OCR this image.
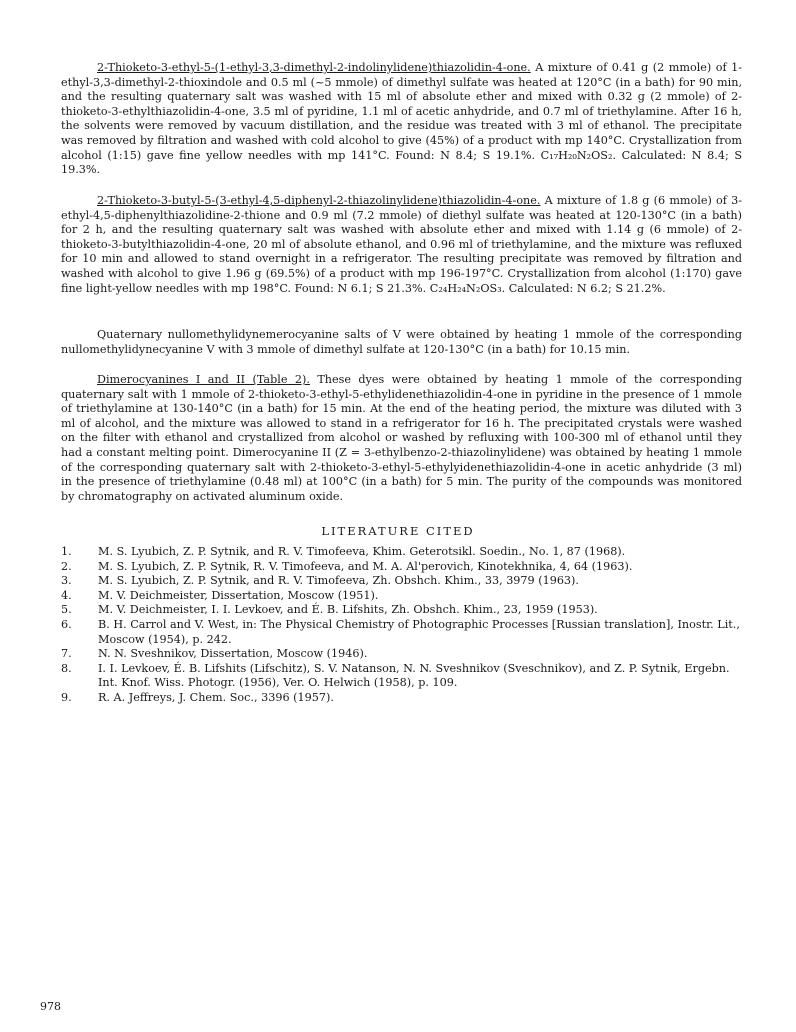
2-Thioketo-3-ethyl-5-(1-ethyl-3,3-dimethyl-2-indolinylidene)thiazolidin-4-one. A mixture of 0.41 g (2 mmole) of 1-ethyl-3,3-dimethyl-2-thioxindole and 0.5 ml (~5 mmole) of dimethyl sulfate was heated at 120°C (in a bath) for 90 min, and the resulting quaternary salt was washed with 15 ml of absolute ether and mixed with 0.32 g (2 mmole) of 2-thioketo-3-ethylthiazolidin-4-one, 3.5 ml of pyridine, 1.1 ml of acetic anhydride, and 0.7 ml of triethylamine. After 16 h, the solvents were removed by vacuum distillation, and the residue was treated with 3 ml of ethanol. The precipitate was removed by filtration and washed with cold alcohol to give (45%) of a product with mp 140°C. Crystallization from alcohol (1:15) gave fine yellow needles with mp 141°C. Found: N 8.4; S 19.1%. C₁₇H₂₀N₂OS₂. Calculated: N 8.4; S 19.3%.

2-Thioketo-3-butyl-5-(3-ethyl-4,5-diphenyl-2-thiazolinylidene)thiazolidin-4-one. A mixture of 1.8 g (6 mmole) of 3-ethyl-4,5-diphenylthiazolidine-2-thione and 0.9 ml (7.2 mmole) of diethyl sulfate was heated at 120-130°C (in a bath) for 2 h, and the resulting quaternary salt was washed with absolute ether and mixed with 1.14 g (6 mmole) of 2-thioketo-3-butylthiazolidin-4-one, 20 ml of absolute ethanol, and 0.96 ml of triethylamine, and the mixture was refluxed for 10 min and allowed to stand overnight in a refrigerator. The resulting precipitate was removed by filtration and washed with alcohol to give 1.96 g (69.5%) of a product with mp 196-197°C. Crystallization from alcohol (1:170) gave fine light-yellow needles with mp 198°C. Found: N 6.1; S 21.3%. C₂₄H₂₄N₂OS₃. Calculated: N 6.2; S 21.2%.

Quaternary nullomethylidynemerocyanine salts of V were obtained by heating 1 mmole of the corresponding nullomethylidynecyanine V with 3 mmole of dimethyl sulfate at 120-130°C (in a bath) for 10.15 min.

Dimerocyanines I and II (Table 2). These dyes were obtained by heating 1 mmole of the corresponding quaternary salt with 1 mmole of 2-thioketo-3-ethyl-5-ethylidenethiazolidin-4-one in pyridine in the presence of 1 mmole of triethylamine at 130-140°C (in a bath) for 15 min. At the end of the heating period, the mixture was diluted with 3 ml of alcohol, and the mixture was allowed to stand in a refrigerator for 16 h. The precipitated crystals were washed on the filter with ethanol and crystallized from alcohol or washed by refluxing with 100-300 ml of ethanol until they had a constant melting point. Dimerocyanine II (Z = 3-ethylbenzo-2-thiazolinylidene) was obtained by heating 1 mmole of the corresponding quaternary salt with 2-thioketo-3-ethyl-5-ethylyidenethiazolidin-4-one in acetic anhydride (3 ml) in the presence of triethylamine (0.48 ml) at 100°C (in a bath) for 5 min. The purity of the compounds was monitored by chromatography on activated aluminum oxide.

LITERATURE CITED
1. M. S. Lyubich, Z. P. Sytnik, and R. V. Timofeeva, Khim. Geterotsikl. Soedin., No. 1, 87 (1968).
2. M. S. Lyubich, Z. P. Sytnik, R. V. Timofeeva, and M. A. Al'perovich, Kinotekhnika, 4, 64 (1963).
3. M. S. Lyubich, Z. P. Sytnik, and R. V. Timofeeva, Zh. Obshch. Khim., 33, 3979 (1963).
4. M. V. Deichmeister, Dissertation, Moscow (1951).
5. M. V. Deichmeister, I. I. Levkoev, and É. B. Lifshits, Zh. Obshch. Khim., 23, 1959 (1953).
6. B. H. Carrol and V. West, in: The Physical Chemistry of Photographic Processes [Russian translation], Inostr. Lit., Moscow (1954), p. 242.
7. N. N. Sveshnikov, Dissertation, Moscow (1946).
8. I. I. Levkoev, É. B. Lifshits (Lifschitz), S. V. Natanson, N. N. Sveshnikov (Sveschnikov), and Z. P. Sytnik, Ergebn. Int. Knof. Wiss. Photogr. (1956), Ver. O. Helwich (1958), p. 109.
9. R. A. Jeffreys, J. Chem. Soc., 3396 (1957).
978
